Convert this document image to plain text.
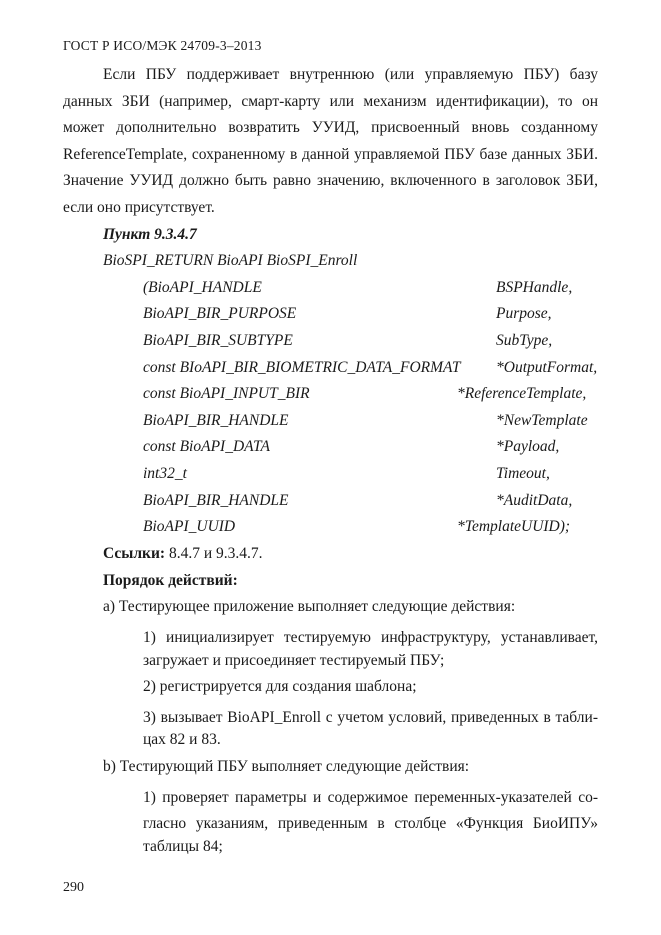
ГОСТ Р ИСО/МЭК 24709-3–2013

Если ПБУ поддерживает внутреннюю (или управляемую ПБУ) базу данных ЗБИ (например, смарт-карту или механизм идентификации), то он может дополнительно возвратить УУИД, присвоенный вновь созданному ReferenceTemplate, сохраненному в данной управляемой ПБУ базе данных ЗБИ. Значение УУИД должно быть равно значению, включенного в заголовок ЗБИ, если оно присутствует.

Пункт 9.3.4.7
BioSPI_RETURN BioAPI BioSPI_Enroll
(BioAPI_HANDLE	BSPHandle,
BioAPI_BIR_PURPOSE	Purpose,
BioAPI_BIR_SUBTYPE	SubType,
const BIoAPI_BIR_BIOMETRIC_DATA_FORMAT *OutputFormat,
const BioAPI_INPUT_BIR	*ReferenceTemplate,
BioAPI_BIR_HANDLE	*NewTemplate
const BioAPI_DATA	*Payload,
int32_t	Timeout,
BioAPI_BIR_HANDLE	*AuditData,
BioAPI_UUID	*TemplateUUID);
Ссылки: 8.4.7 и 9.3.4.7.
Порядок действий:
a) Тестирующее приложение выполняет следующие действия:
1) инициализирует тестируемую инфраструктуру, устанавливает,
загружает и присоединяет тестируемый ПБУ;
2) регистрируется для создания шаблона;
3) вызывает BioAPI_Enroll с учетом условий, приведенных в табли-
цах 82 и 83.
b) Тестирующий ПБУ выполняет следующие действия:
1) проверяет параметры и содержимое переменных-указателей со-
гласно указаниям, приведенным в столбце «Функция БиоИПУ»
таблицы 84;
290
